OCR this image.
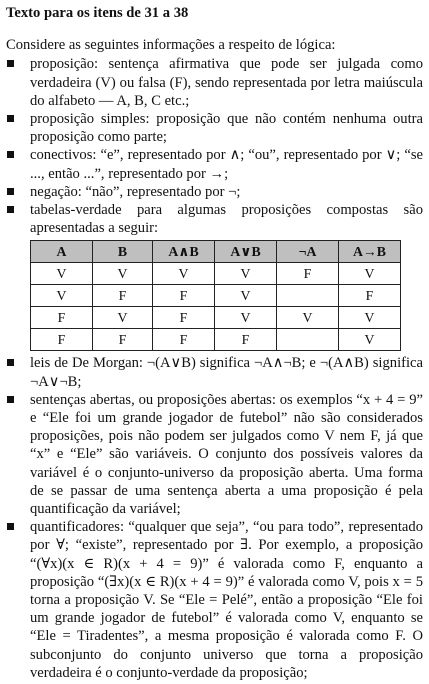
Texto para os itens de 31 a 38
Considere as seguintes informações a respeito de lógica:
proposição: sentença afirmativa que pode ser julgada como verdadeira (V) ou falsa (F), sendo representada por letra maiúscula do alfabeto — A, B, C etc.;
proposição simples: proposição que não contém nenhuma outra proposição como parte;
conectivos: “e”, representado por ∧; “ou”, representado por ∨; “se ..., então ...”, representado por →;
negação: “não”, representado por ¬;
tabelas-verdade para algumas proposições compostas são apresentadas a seguir:
A	B	A∧B	A∨B	¬A	A→B
V	V	V	V	F	V
V	F	F	V		F
F	V	F	V	V	V
F	F	F	F		V
leis de De Morgan: ¬(A∨B) significa ¬A∧¬B; e ¬(A∧B) significa ¬A∨¬B;
sentenças abertas, ou proposições abertas: os exemplos “x + 4 = 9” e “Ele foi um grande jogador de futebol” não são considerados proposições, pois não podem ser julgados como V nem F, já que “x” e “Ele” são variáveis. O conjunto dos possíveis valores da variável é o conjunto-universo da proposição aberta. Uma forma de se passar de uma sentença aberta a uma proposição é pela quantificação da variável;
quantificadores: “qualquer que seja”, “ou para todo”, representado por ∀; “existe”, representado por ∃. Por exemplo, a proposição “(∀x)(x ∈ R)(x + 4 = 9)” é valorada como F, enquanto a proposição “(∃x)(x ∈ R)(x + 4 = 9)” é valorada como V, pois x = 5 torna a proposição V. Se “Ele = Pelé”, então a proposição “Ele foi um grande jogador de futebol” é valorada como V, enquanto se “Ele = Tiradentes”, a mesma proposição é valorada como F. O subconjunto do conjunto universo que torna a proposição verdadeira é o conjunto-verdade da proposição;
